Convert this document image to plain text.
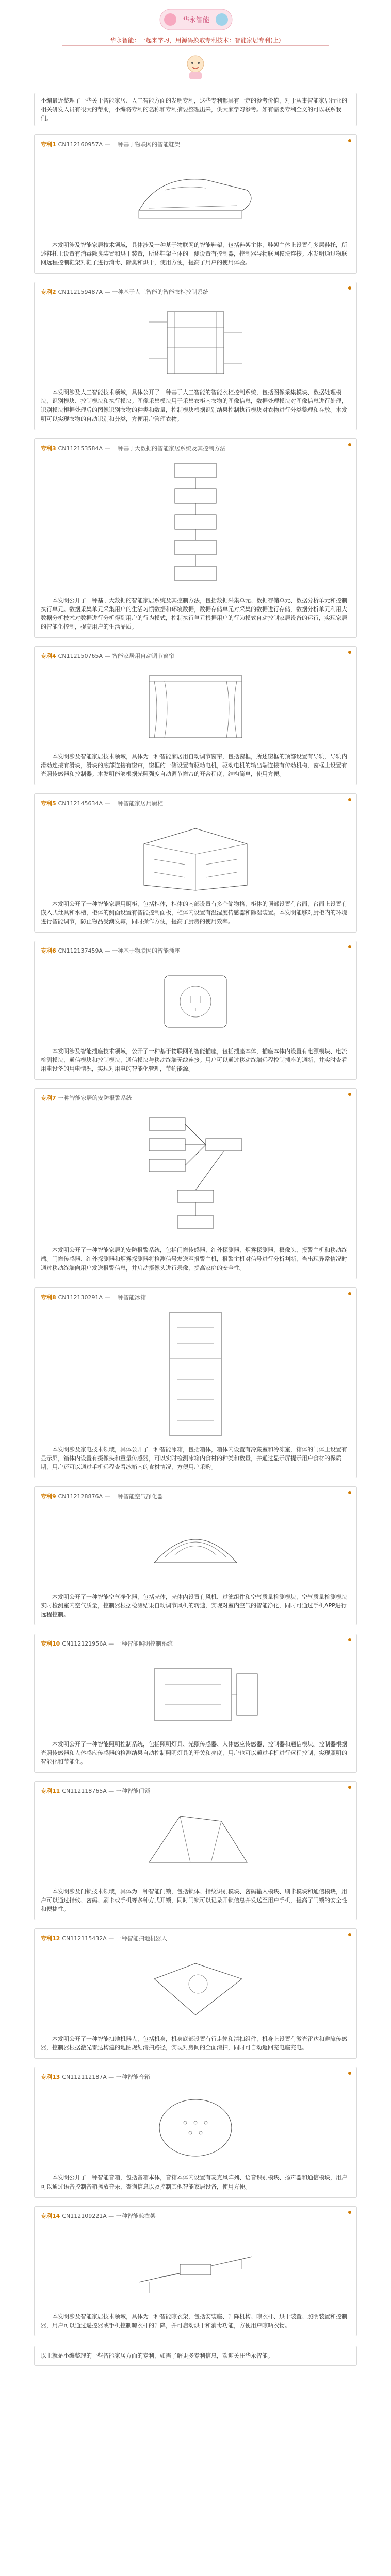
华永智能
华永智能：一起来学习，用源码换取专利技术：智能家居专利(上)
小编最近整理了一些关于智能家居、人工智能方面的发明专利，这些专利都具有一定的参考价值，对于从事智能家居行业的相关研发人员有很大的帮助，小编将专利的名称和专利摘要整理出来，供大家学习参考。如有需要专利全文的可以联系我们。
专利1 CN112160957A — 一种基于物联网的智能鞋架
本发明涉及智能家居技术领域，具体涉及一种基于物联网的智能鞋架，包括鞋架主体，鞋架主体上设置有多层鞋托，所述鞋托上设置有消毒除臭装置和烘干装置，所述鞋架主体的一侧设置有控制器，控制器与物联网模块连接。本发明通过物联网远程控制鞋架对鞋子进行消毒、除臭和烘干，使用方便，提高了用户的使用体验。
专利2 CN112159487A — 一种基于人工智能的智能衣柜控制系统
本发明涉及人工智能技术领域，具体公开了一种基于人工智能的智能衣柜控制系统，包括图像采集模块、数据处理模块、识别模块、控制模块和执行模块。图像采集模块用于采集衣柜内衣物的图像信息，数据处理模块对图像信息进行处理，识别模块根据处理后的图像识别衣物的种类和数量，控制模块根据识别结果控制执行模块对衣物进行分类整理和存放。本发明可以实现衣物的自动识别和分类，方便用户管理衣物。
专利3 CN112153584A — 一种基于大数据的智能家居系统及其控制方法
本发明公开了一种基于大数据的智能家居系统及其控制方法，包括数据采集单元、数据存储单元、数据分析单元和控制执行单元。数据采集单元采集用户的生活习惯数据和环境数据，数据存储单元对采集的数据进行存储，数据分析单元利用大数据分析技术对数据进行分析得到用户的行为模式，控制执行单元根据用户的行为模式自动控制家居设备的运行，实现家居的智能化控制，提高用户的生活品质。
专利4 CN112150765A — 智能家居用自动调节窗帘
本发明涉及智能家居技术领域，具体为一种智能家居用自动调节窗帘，包括窗框，所述窗框的顶部设置有导轨，导轨内滑动连接有滑块，滑块的底部连接有窗帘，窗框的一侧设置有驱动电机，驱动电机的输出端连接有传动机构，窗框上设置有光照传感器和控制器。本发明能够根据光照强度自动调节窗帘的开合程度，结构简单，使用方便。
专利5 CN112145634A — 一种智能家居用厨柜
本发明公开了一种智能家居用厨柜，包括柜体，柜体的内部设置有多个储物格，柜体的顶部设置有台面，台面上设置有嵌入式灶具和水槽，柜体的侧面设置有智能控制面板，柜体内设置有温湿度传感器和除湿装置。本发明能够对厨柜内的环境进行智能调节，防止物品受潮发霉，同时操作方便，提高了厨房的使用效率。
专利6 CN112137459A — 一种基于物联网的智能插座
本发明涉及智能插座技术领域，公开了一种基于物联网的智能插座，包括插座本体，插座本体内设置有电源模块、电流检测模块、通信模块和控制模块，通信模块与移动终端无线连接。用户可以通过移动终端远程控制插座的通断，并实时查看用电设备的用电情况，实现对用电的智能化管理，节约能源。
专利7 一种智能家居的安防报警系统
本发明公开了一种智能家居的安防报警系统，包括门窗传感器、红外探测器、烟雾探测器、摄像头、报警主机和移动终端。门窗传感器、红外探测器和烟雾探测器将检测信号发送至报警主机，报警主机对信号进行分析判断，当出现异常情况时通过移动终端向用户发送报警信息，并启动摄像头进行录像，提高家庭的安全性。
专利8 CN112130291A — 一种智能冰箱
本发明涉及家电技术领域，具体公开了一种智能冰箱，包括箱体，箱体内设置有冷藏室和冷冻室，箱体的门体上设置有显示屏，箱体内设置有摄像头和重量传感器，可以实时检测冰箱内食材的种类和数量，并通过显示屏提示用户食材的保质期，用户还可以通过手机远程查看冰箱内的食材情况，方便用户采购。
专利9 CN112128876A — 一种智能空气净化器
本发明公开了一种智能空气净化器，包括壳体，壳体内设置有风机、过滤组件和空气质量检测模块，空气质量检测模块实时检测室内空气质量，控制器根据检测结果自动调节风机的转速，实现对室内空气的智能净化，同时可通过手机APP进行远程控制。
专利10 CN112121956A — 一种智能照明控制系统
本发明公开了一种智能照明控制系统，包括照明灯具、光照传感器、人体感应传感器、控制器和通信模块。控制器根据光照传感器和人体感应传感器的检测结果自动控制照明灯具的开关和亮度，用户也可以通过手机进行远程控制，实现照明的智能化和节能化。
专利11 CN112118765A — 一种智能门锁
本发明涉及门锁技术领域，具体为一种智能门锁，包括锁体、指纹识别模块、密码输入模块、刷卡模块和通信模块，用户可以通过指纹、密码、刷卡或手机等多种方式开锁，同时门锁可以记录开锁信息并发送至用户手机，提高了门锁的安全性和便捷性。
专利12 CN112115432A — 一种智能扫地机器人
本发明公开了一种智能扫地机器人，包括机身，机身底部设置有行走轮和清扫组件，机身上设置有激光雷达和避障传感器，控制器根据激光雷达构建的地图规划清扫路径，实现对房间的全面清扫，同时可自动返回充电座充电。
专利13 CN112112187A — 一种智能音箱
本发明公开了一种智能音箱，包括音箱本体，音箱本体内设置有麦克风阵列、语音识别模块、扬声器和通信模块，用户可以通过语音控制音箱播放音乐、查询信息以及控制其他智能家居设备，使用方便。
专利14 CN112109221A — 一种智能晾衣架
本发明涉及智能家居技术领域，具体为一种智能晾衣架，包括安装座、升降机构、晾衣杆、烘干装置、照明装置和控制器，用户可以通过遥控器或手机控制晾衣杆的升降，并可启动烘干和消毒功能，方便用户晾晒衣物。
以上就是小编整理的一些智能家居方面的专利，如需了解更多专利信息，欢迎关注华永智能。
